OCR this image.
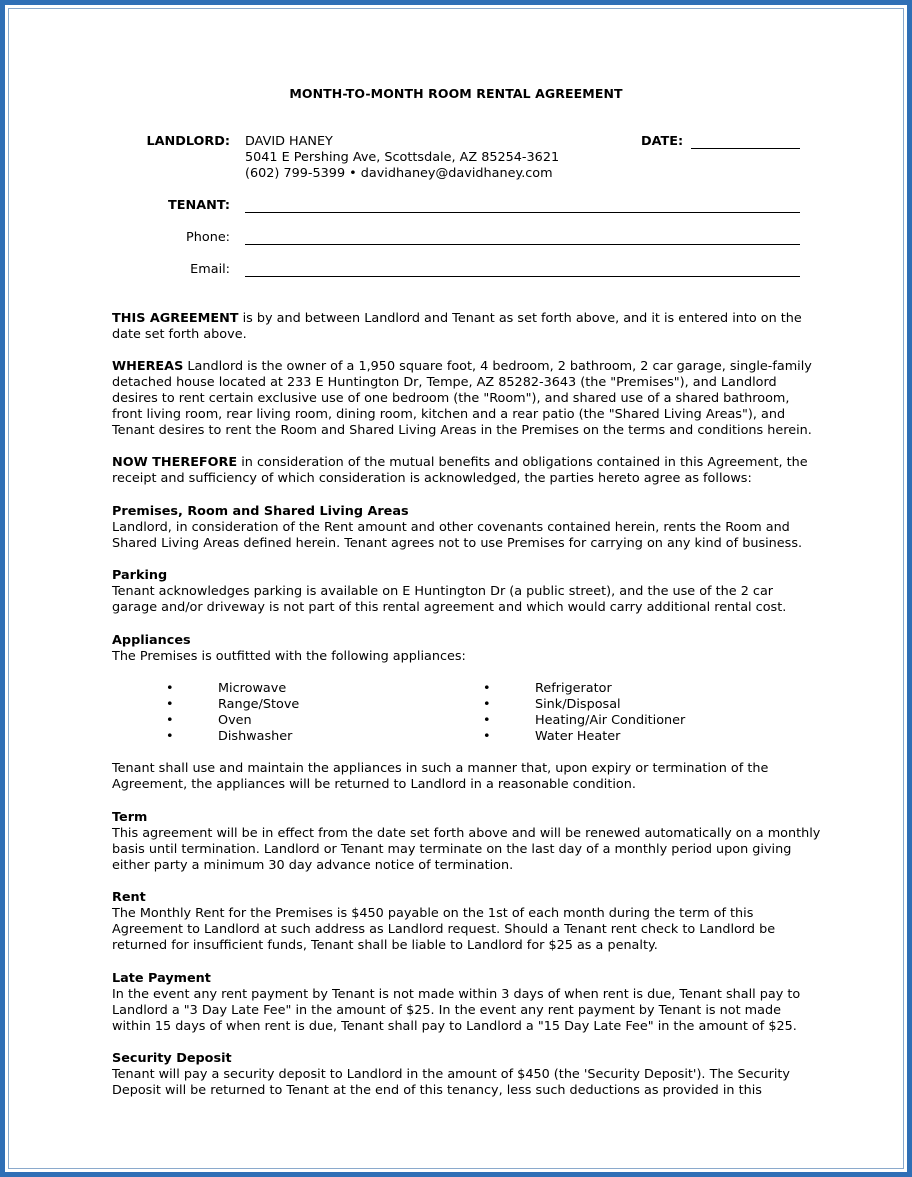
MONTH-TO-MONTH ROOM RENTAL AGREEMENT
LANDLORD: DAVID HANEY
5041 E Pershing Ave, Scottsdale, AZ 85254-3621
(602) 799-5399 • davidhaney@davidhaney.com
DATE:
TENANT:
Phone:
Email:

THIS AGREEMENT is by and between Landlord and Tenant as set forth above, and it is entered into on the
date set forth above.

WHEREAS Landlord is the owner of a 1,950 square foot, 4 bedroom, 2 bathroom, 2 car garage, single-family
detached house located at 233 E Huntington Dr, Tempe, AZ 85282-3643 (the "Premises"), and Landlord
desires to rent certain exclusive use of one bedroom (the "Room"), and shared use of a shared bathroom,
front living room, rear living room, dining room, kitchen and a rear patio (the "Shared Living Areas"), and
Tenant desires to rent the Room and Shared Living Areas in the Premises on the terms and conditions herein.

NOW THEREFORE in consideration of the mutual benefits and obligations contained in this Agreement, the
receipt and sufficiency of which consideration is acknowledged, the parties hereto agree as follows:

Premises, Room and Shared Living Areas

Landlord, in consideration of the Rent amount and other covenants contained herein, rents the Room and
Shared Living Areas defined herein. Tenant agrees not to use Premises for carrying on any kind of business.

Parking

Tenant acknowledges parking is available on E Huntington Dr (a public street), and the use of the 2 car
garage and/or driveway is not part of this rental agreement and which would carry additional rental cost.

Appliances

The Premises is outfitted with the following appliances:

•	Microwave
•	Range/Stove
•	Oven
•	Dishwasher
•	Refrigerator
•	Sink/Disposal
•	Heating/Air Conditioner
•	Water Heater

Tenant shall use and maintain the appliances in such a manner that, upon expiry or termination of the
Agreement, the appliances will be returned to Landlord in a reasonable condition.

Term

This agreement will be in effect from the date set forth above and will be renewed automatically on a monthly
basis until termination. Landlord or Tenant may terminate on the last day of a monthly period upon giving
either party a minimum 30 day advance notice of termination.

Rent

The Monthly Rent for the Premises is $450 payable on the 1st of each month during the term of this
Agreement to Landlord at such address as Landlord request. Should a Tenant rent check to Landlord be
returned for insufficient funds, Tenant shall be liable to Landlord for $25 as a penalty.

Late Payment

In the event any rent payment by Tenant is not made within 3 days of when rent is due, Tenant shall pay to
Landlord a "3 Day Late Fee" in the amount of $25. In the event any rent payment by Tenant is not made
within 15 days of when rent is due, Tenant shall pay to Landlord a "15 Day Late Fee" in the amount of $25.

Security Deposit

Tenant will pay a security deposit to Landlord in the amount of $450 (the 'Security Deposit'). The Security
Deposit will be returned to Tenant at the end of this tenancy, less such deductions as provided in this
